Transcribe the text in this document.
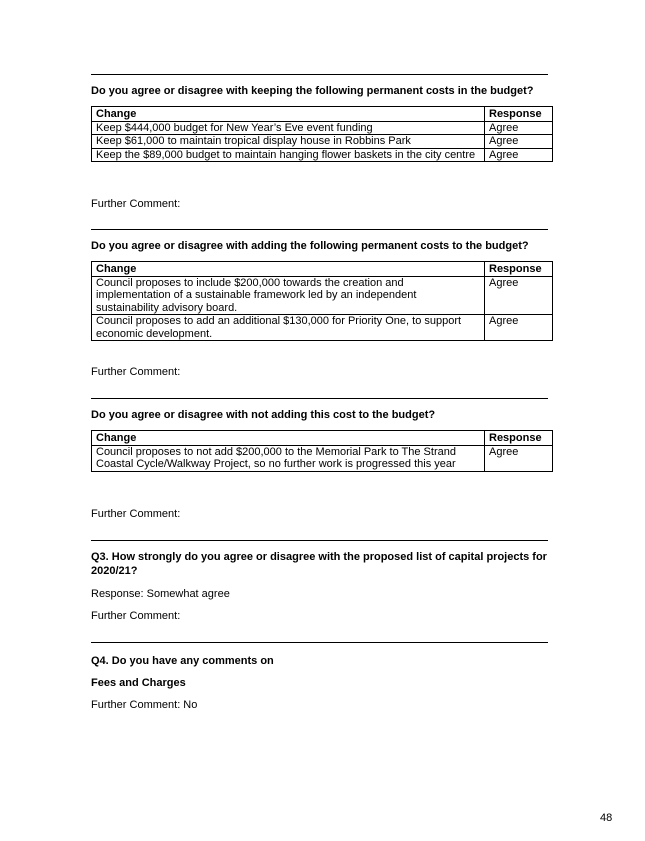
Do you agree or disagree with keeping the following permanent costs in the budget?
Change	Response
Keep $444,000 budget for New Year’s Eve event funding	Agree
Keep $61,000 to maintain tropical display house in Robbins Park	Agree
Keep the $89,000 budget to maintain hanging flower baskets in the city centre	Agree
Further Comment:
Do you agree or disagree with adding the following permanent costs to the budget?
Change	Response
Council proposes to include $200,000 towards the creation and implementation of a sustainable framework led by an independent sustainability advisory board.	Agree
Council proposes to add an additional $130,000 for Priority One, to support economic development.	Agree
Further Comment:
Do you agree or disagree with not adding this cost to the budget?
Change	Response
Council proposes to not add $200,000 to the Memorial Park to The Strand Coastal Cycle/Walkway Project, so no further work is progressed this year	Agree
Further Comment:
Q3. How strongly do you agree or disagree with the proposed list of capital projects for 2020/21?
Response: Somewhat agree
Further Comment:
Q4. Do you have any comments on
Fees and Charges
Further Comment: No
48
